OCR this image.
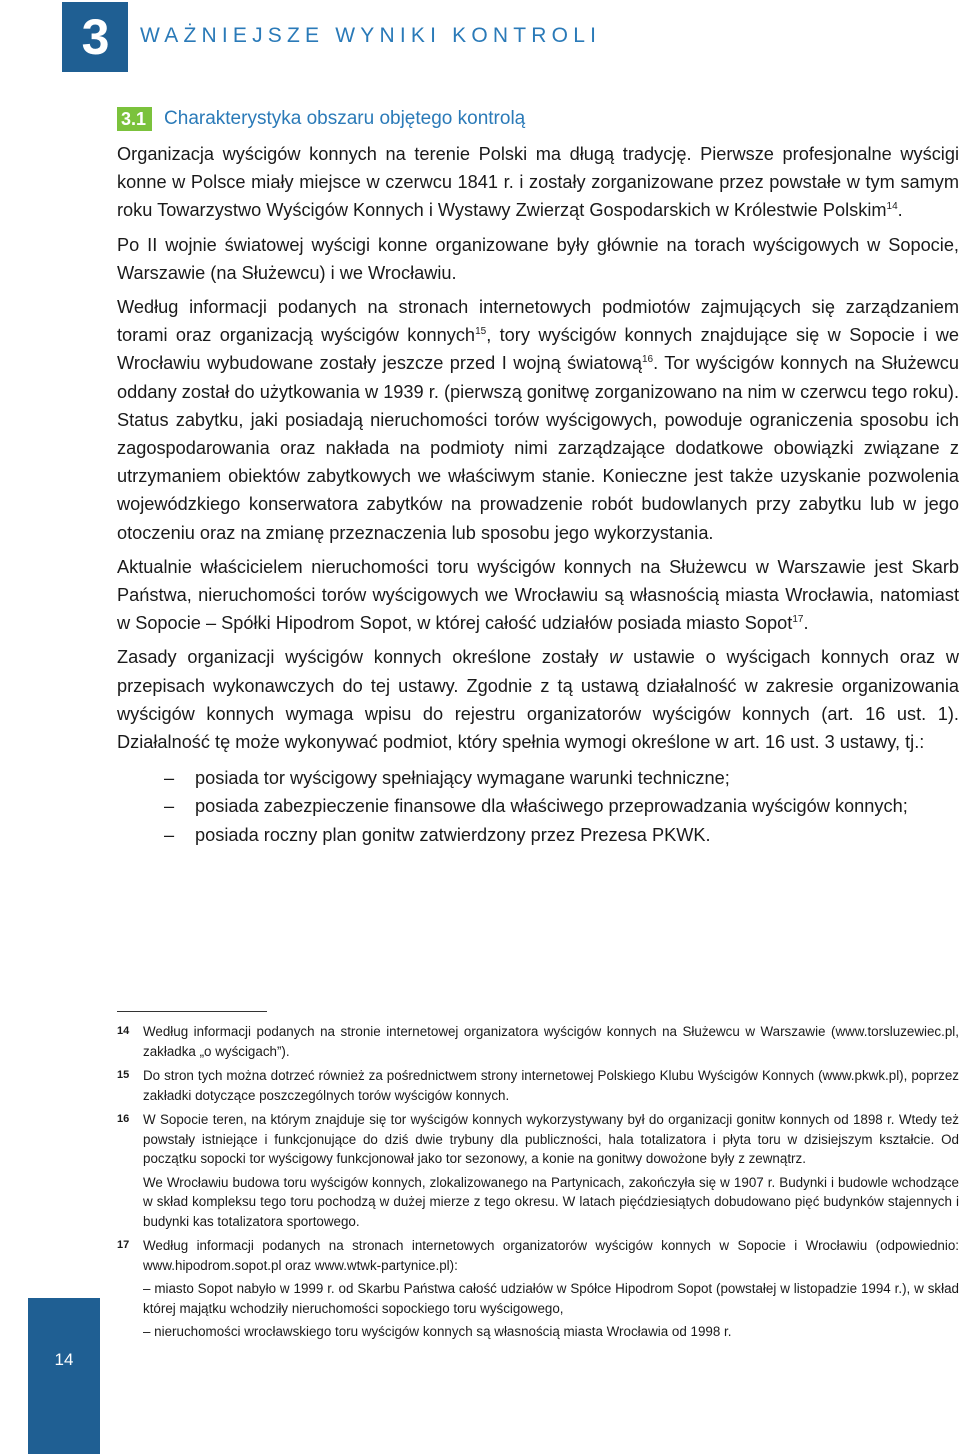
3	WAŻNIEJSZE WYNIKI KONTROLI
3.1 Charakterystyka obszaru objętego kontrolą

Organizacja wyścigów konnych na terenie Polski ma długą tradycję. Pierwsze profesjonalne wyścigi konne w Polsce miały miejsce w czerwcu 1841 r. i zostały zorganizowane przez powstałe w tym samym roku Towarzystwo Wyścigów Konnych i Wystawy Zwierząt Gospodarskich w Królestwie Polskim$^{14}$.

Po II wojnie światowej wyścigi konne organizowane były głównie na torach wyścigowych w Sopocie, Warszawie (na Służewcu) i we Wrocławiu.

Według informacji podanych na stronach internetowych podmiotów zajmujących się zarządzaniem torami oraz organizacją wyścigów konnych$^{15}$, tory wyścigów konnych znajdujące się w Sopocie i we Wrocławiu wybudowane zostały jeszcze przed I wojną światową$^{16}$. Tor wyścigów konnych na Służewcu oddany został do użytkowania w 1939 r. (pierwszą gonitwę zorganizowano na nim w czerwcu tego roku). Status zabytku, jaki posiadają nieruchomości torów wyścigowych, powoduje ograniczenia sposobu ich zagospodarowania oraz nakłada na podmioty nimi zarządzające dodatkowe obowiązki związane z utrzymaniem obiektów zabytkowych we właściwym stanie. Konieczne jest także uzyskanie pozwolenia wojewódzkiego konserwatora zabytków na prowadzenie robót budowlanych przy zabytku lub w jego otoczeniu oraz na zmianę przeznaczenia lub sposobu jego wykorzystania.

Aktualnie właścicielem nieruchomości toru wyścigów konnych na Służewcu w Warszawie jest Skarb Państwa, nieruchomości torów wyścigowych we Wrocławiu są własnością miasta Wrocławia, natomiast w Sopocie – Spółki Hipodrom Sopot, w której całość udziałów posiada miasto Sopot$^{17}$.

Zasady organizacji wyścigów konnych określone zostały w ustawie o wyścigach konnych oraz w przepisach wykonawczych do tej ustawy. Zgodnie z tą ustawą działalność w zakresie organizowania wyścigów konnych wymaga wpisu do rejestru organizatorów wyścigów konnych (art. 16 ust. 1). Działalność tę może wykonywać podmiot, który spełnia wymogi określone w art. 16 ust. 3 ustawy, tj.:

– posiada tor wyścigowy spełniający wymagane warunki techniczne;
– posiada zabezpieczenie finansowe dla właściwego przeprowadzania wyścigów konnych;
– posiada roczny plan gonitw zatwierdzony przez Prezesa PKWK.
14 Według informacji podanych na stronie internetowej organizatora wyścigów konnych na Służewcu w Warszawie (www.torsluzewiec.pl, zakładka „o wyścigach”).

15 Do stron tych można dotrzeć również za pośrednictwem strony internetowej Polskiego Klubu Wyścigów Konnych (www.pkwk.pl), poprzez zakładki dotyczące poszczególnych torów wyścigów konnych.

16 W Sopocie teren, na którym znajduje się tor wyścigów konnych wykorzystywany był do organizacji gonitw konnych od 1898 r. Wtedy też powstały istniejące i funkcjonujące do dziś dwie trybuny dla publiczności, hala totalizatora i płyta toru w dzisiejszym kształcie. Od początku sopocki tor wyścigowy funkcjonował jako tor sezonowy, a konie na gonitwy dowożone były z zewnątrz.

We Wrocławiu budowa toru wyścigów konnych, zlokalizowanego na Partynicach, zakończyła się w 1907 r. Budynki i budowle wchodzące w skład kompleksu tego toru pochodzą w dużej mierze z tego okresu. W latach pięćdziesiątych dobudowano pięć budynków stajennych i budynki kas totalizatora sportowego.

17 Według informacji podanych na stronach internetowych organizatorów wyścigów konnych w Sopocie i Wrocławiu (odpowiednio: www.hipodrom.sopot.pl oraz www.wtwk-partynice.pl):

– miasto Sopot nabyło w 1999 r. od Skarbu Państwa całość udziałów w Spółce Hipodrom Sopot (powstałej w listopadzie 1994 r.), w skład której majątku wchodziły nieruchomości sopockiego toru wyścigowego,

– nieruchomości wrocławskiego toru wyścigów konnych są własnością miasta Wrocławia od 1998 r.

14
